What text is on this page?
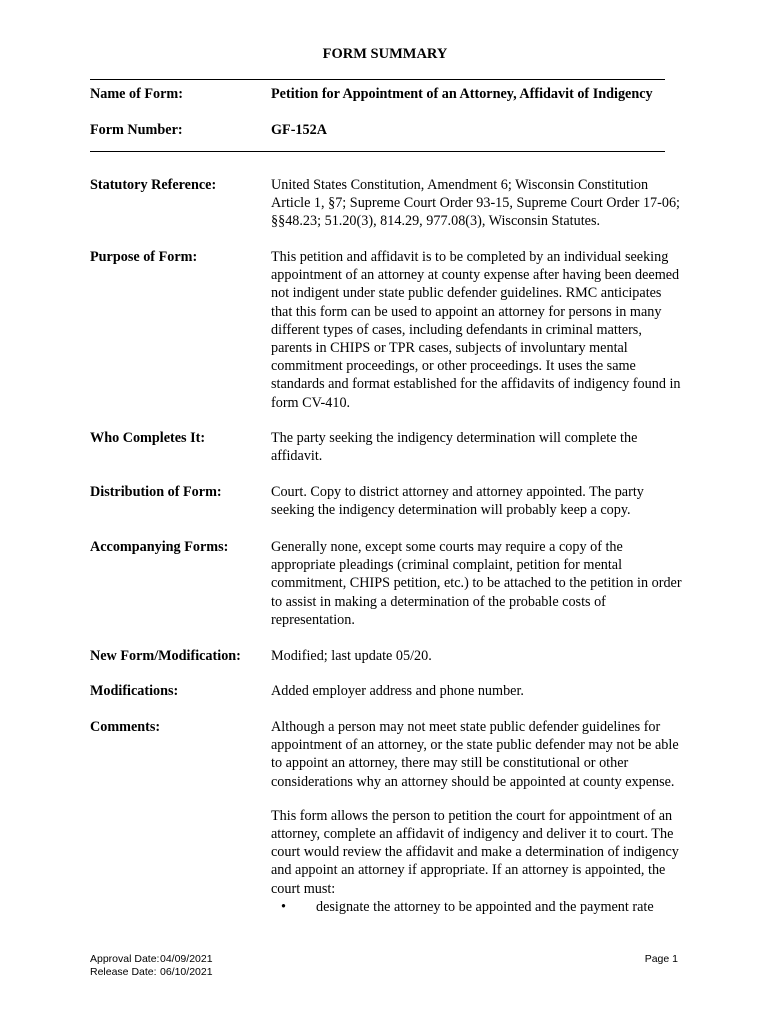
FORM SUMMARY
Name of Form:	Petition for Appointment of an Attorney, Affidavit of Indigency
Form Number:	GF-152A
Statutory Reference:	United States Constitution, Amendment 6; Wisconsin Constitution Article 1, §7; Supreme Court Order 93-15, Supreme Court Order 17-06; §§48.23; 51.20(3), 814.29, 977.08(3), Wisconsin Statutes.
Purpose of Form:	This petition and affidavit is to be completed by an individual seeking appointment of an attorney at county expense after having been deemed not indigent under state public defender guidelines. RMC anticipates that this form can be used to appoint an attorney for persons in many different types of cases, including defendants in criminal matters, parents in CHIPS or TPR cases, subjects of involuntary mental commitment proceedings, or other proceedings. It uses the same standards and format established for the affidavits of indigency found in form CV-410.
Who Completes It:	The party seeking the indigency determination will complete the affidavit.
Distribution of Form:	Court. Copy to district attorney and attorney appointed. The party seeking the indigency determination will probably keep a copy.
Accompanying Forms:	Generally none, except some courts may require a copy of the appropriate pleadings (criminal complaint, petition for mental commitment, CHIPS petition, etc.) to be attached to the petition in order to assist in making a determination of the probable costs of representation.
New Form/Modification:	Modified; last update 05/20.
Modifications:	Added employer address and phone number.
Comments:	Although a person may not meet state public defender guidelines for appointment of an attorney, or the state public defender may not be able to appoint an attorney, there may still be constitutional or other considerations why an attorney should be appointed at county expense.

This form allows the person to petition the court for appointment of an attorney, complete an affidavit of indigency and deliver it to court. The court would review the affidavit and make a determination of indigency and appoint an attorney if appropriate. If an attorney is appointed, the court must:

• designate the attorney to be appointed and the payment rate
Approval Date:04/09/2021
Release Date: 06/10/2021
Page 1
